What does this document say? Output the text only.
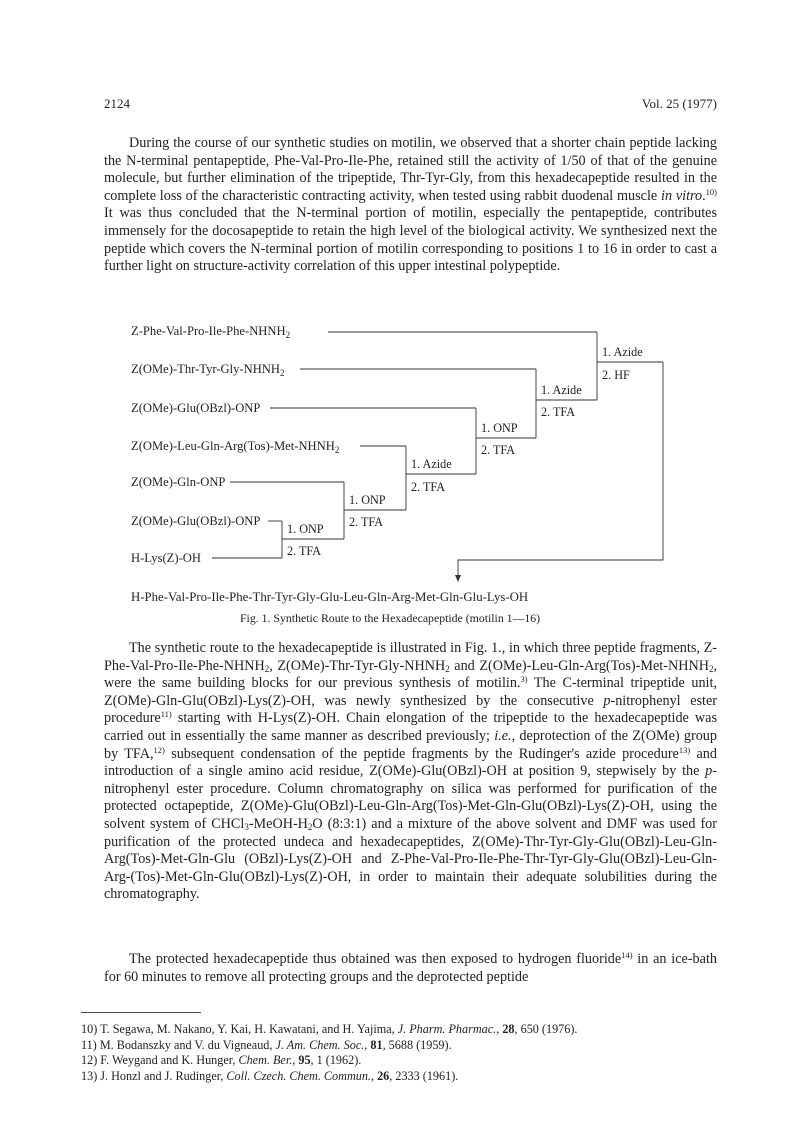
2124	Vol. 25 (1977)

During the course of our synthetic studies on motilin, we observed that a shorter chain peptide lacking the N-terminal pentapeptide, Phe-Val-Pro-Ile-Phe, retained still the activity of 1/50 of that of the genuine molecule, but further elimination of the tripeptide, Thr-Tyr-Gly, from this hexadecapeptide resulted in the complete loss of the characteristic contracting activity, when tested using rabbit duodenal muscle in vitro.$^{10)}$ It was thus concluded that the N-terminal portion of motilin, especially the pentapeptide, contributes immensely for the docosapeptide to retain the high level of the biological activity. We synthesized next the peptide which covers the N-terminal portion of motilin corresponding to positions 1 to 16 in order to cast a further light on structure-activity correlation of this upper intestinal polypeptide.

$Z-Phe-Val-Pro-Ile-Phe-NHNH_2$
$Z(OMe)-Thr-Tyr-Gly-NHNH_2$
Z(OMe)-Glu(OBzl)-ONP
$Z(OMe)-Leu-Gln-Arg(Tos)-Met-NHNH_2$
Z(OMe)-Gln-ONP
Z(OMe)-Glu(OBzl)-ONP
H-Lys(Z)-OH
1. ONP
2. TFA
1. ONP
2. TFA
1. Azide
2. TFA
1. ONP
2. TFA
1. Azide
2. TFA
1. Azide
2. HF
H-Phe-Val-Pro-Ile-Phe-Thr-Tyr-Gly-Glu-Leu-Gln-Arg-Met-Gln-Glu-Lys-OH
Fig. 1. Synthetic Route to the Hexadecapeptide (motilin 1—16)

The synthetic route to the hexadecapeptide is illustrated in Fig. 1., in which three peptide fragments, $Z-Phe-Val-Pro-Ile-Phe-NHNH_2$, $Z(OMe)-Thr-Tyr-Gly-NHNH_2$ and $Z(OMe)-Leu-Gln-Arg(Tos)-Met-NHNH_2$, were the same building blocks for our previous synthesis of motilin.$^{3)}$ The C-terminal tripeptide unit, Z(OMe)-Gln-Glu(OBzl)-Lys(Z)-OH, was newly synthesized by the consecutive p-nitrophenyl ester procedure$^{11)}$ starting with H-Lys(Z)-OH. Chain elongation of the tripeptide to the hexadecapeptide was carried out in essentially the same manner as described previously; i.e., deprotection of the Z(OMe) group by TFA,$^{12)}$ subsequent condensation of the peptide fragments by the Rudinger's azide procedure$^{13)}$ and introduction of a single amino acid residue, Z(OMe)-Glu(OBzl)-OH at position 9, stepwisely by the p-nitrophenyl ester procedure. Column chromatography on silica was performed for purification of the protected octapeptide, Z(OMe)-Glu(OBzl)-Leu-Gln-Arg(Tos)-Met-Gln-Glu(OBzl)-Lys(Z)-OH, using the solvent system of $CHCl_3-MeOH-H_2O$ (8:3:1) and a mixture of the above solvent and DMF was used for purification of the protected undeca and hexadecapeptides, Z(OMe)-Thr-Tyr-Gly-Glu(OBzl)-Leu-Gln-Arg(Tos)-Met-Gln-Glu (OBzl)-Lys(Z)-OH and Z-Phe-Val-Pro-Ile-Phe-Thr-Tyr-Gly-Glu(OBzl)-Leu-Gln-Arg-(Tos)-Met-Gln-Glu(OBzl)-Lys(Z)-OH, in order to maintain their adequate solubilities during the chromatography.

The protected hexadecapeptide thus obtained was then exposed to hydrogen fluoride$^{14)}$ in an ice-bath for 60 minutes to remove all protecting groups and the deprotected peptide

10) T. Segawa, M. Nakano, Y. Kai, H. Kawatani, and H. Yajima, J. Pharm. Pharmac., 28, 650 (1976).
11) M. Bodanszky and V. du Vigneaud, J. Am. Chem. Soc., 81, 5688 (1959).
12) F. Weygand and K. Hunger, Chem. Ber., 95, 1 (1962).
13) J. Honzl and J. Rudinger, Coll. Czech. Chem. Commun., 26, 2333 (1961).
